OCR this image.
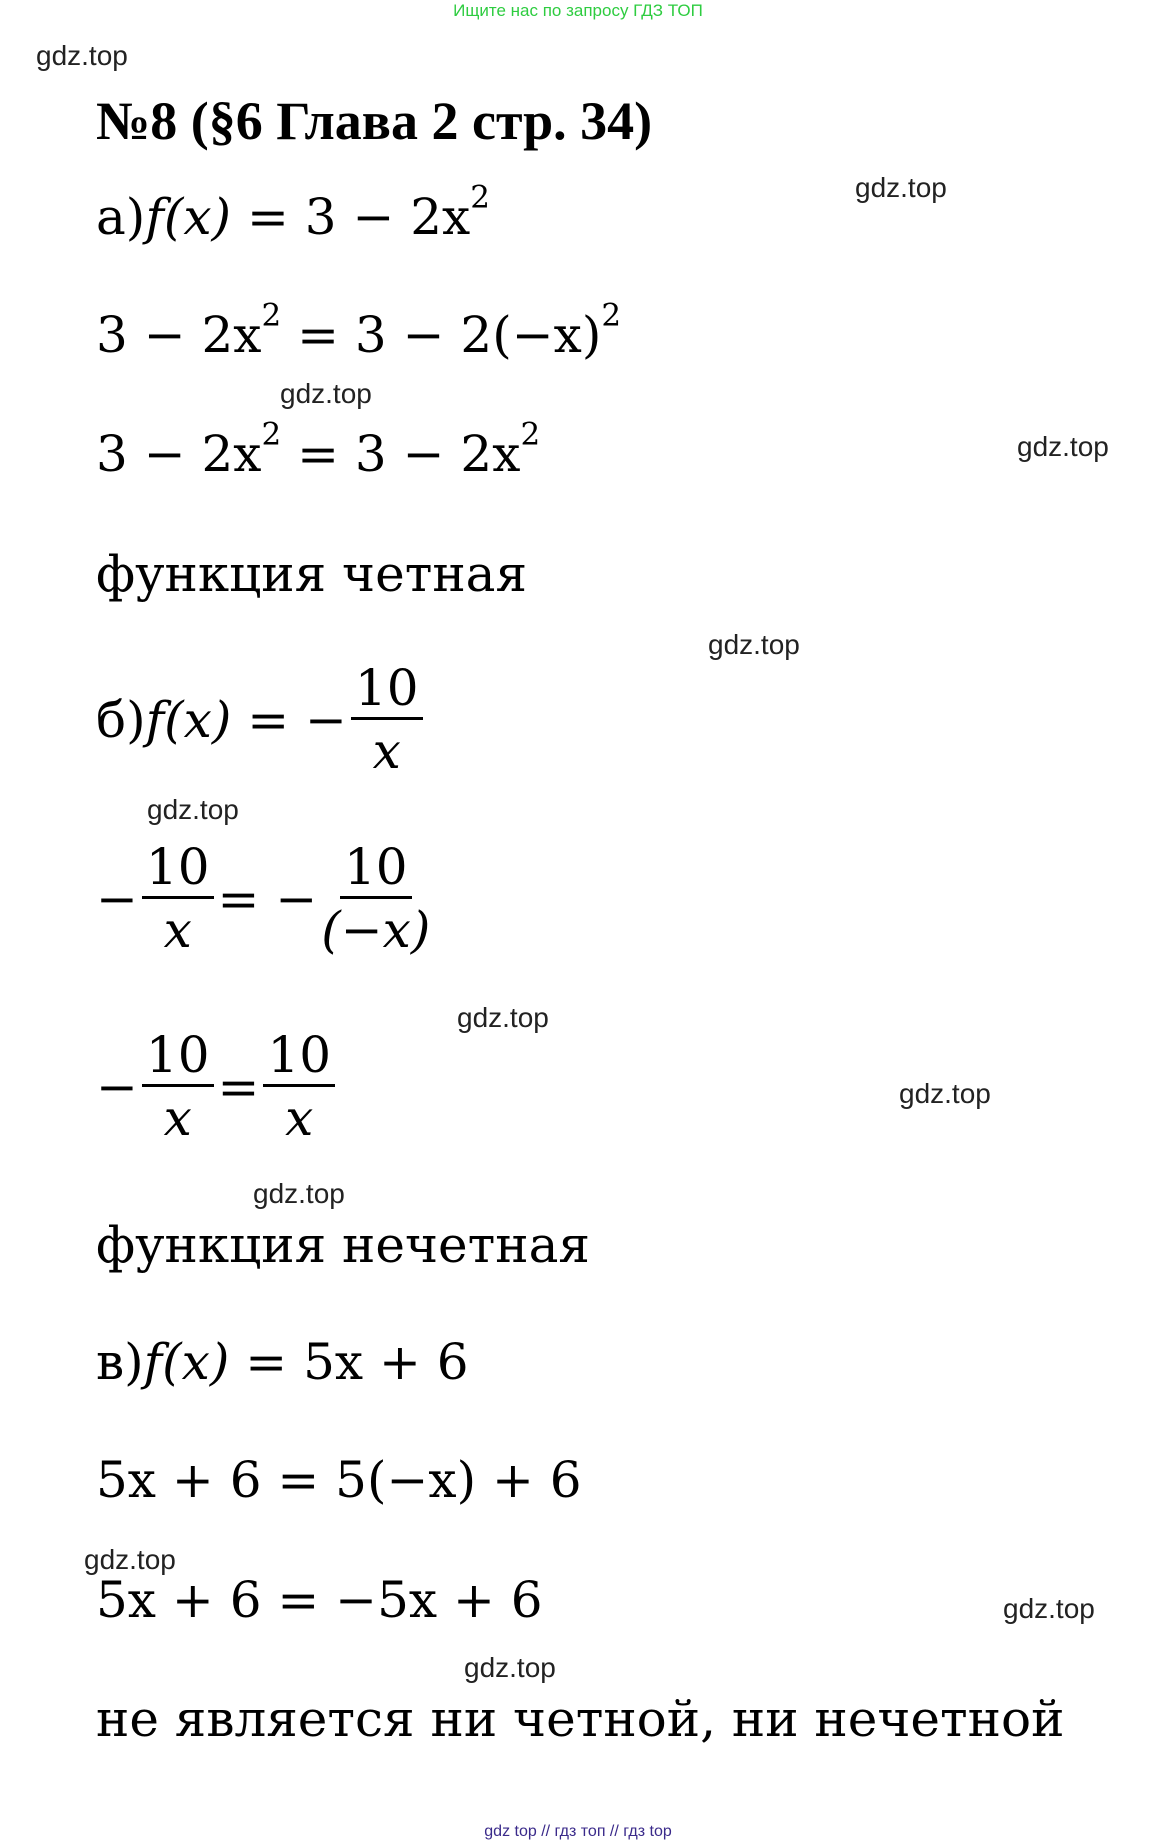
Ищите нас по запросу ГДЗ ТОП
gdz.top
gdz.top
gdz.top
gdz.top
gdz.top
gdz.top
gdz.top
gdz.top
gdz.top
gdz.top
gdz.top
gdz.top
№8 (§6 Глава 2 стр. 34)
$а)f(x) = 3 - 2x^2$
$3 - 2x^2 = 3 - 2(-x)^2$
$3 - 2x^2 = 3 - 2x^2$
функция четная
б) f(x)
= − $\frac{10}{x}$
− $\frac{10}{x}$ = − $\frac{10}{(-x)}$
− $\frac{10}{x} = \frac{10}{x}$
функция нечетная
в)f(x) = 5x + 6
5x + 6 = 5(−x) + 6
5x + 6 = −5x + 6
не является ни четной, ни нечетной
gdz top // гдз топ // гдз top
